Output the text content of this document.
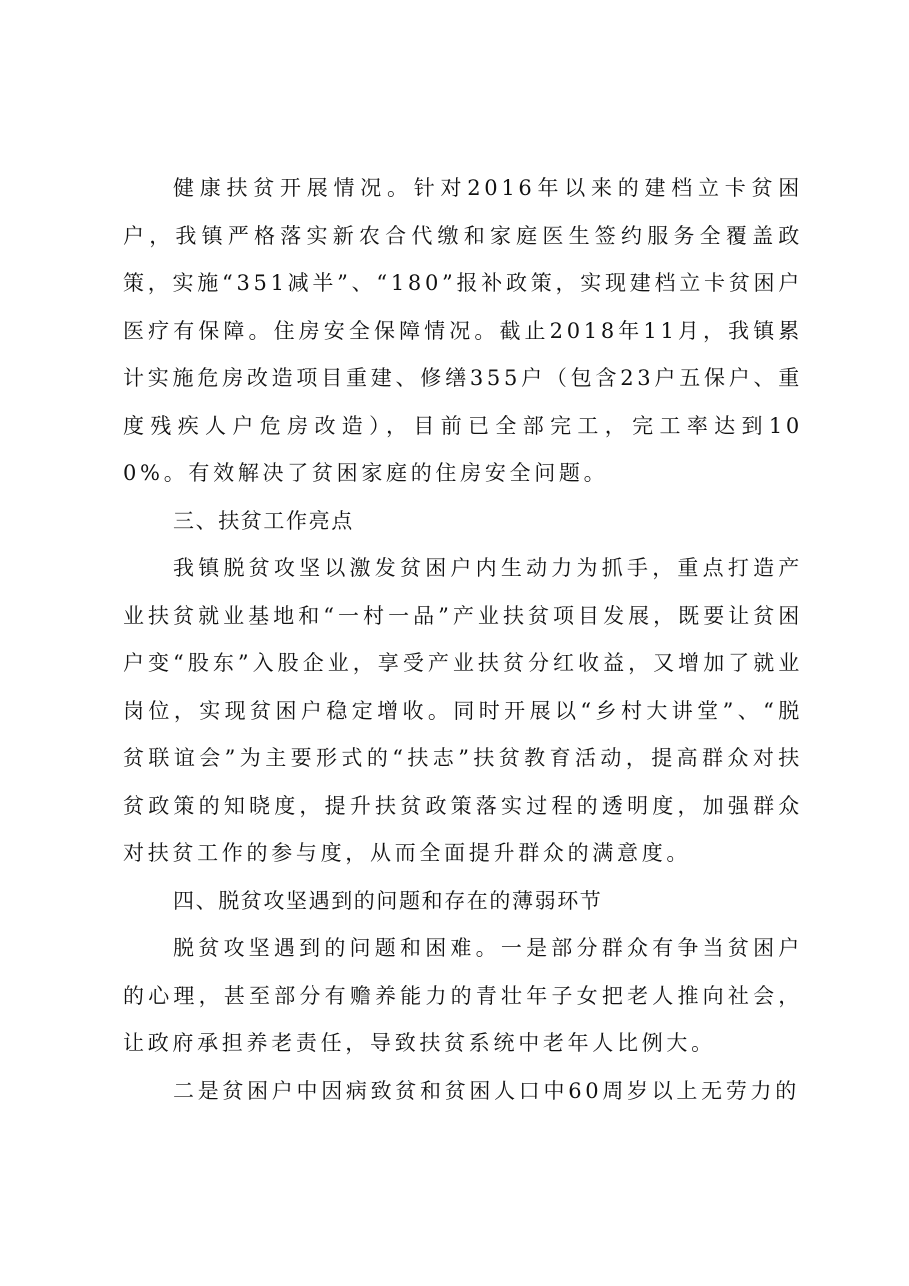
健康扶贫开展情况。针对2016年以来的建档立卡贫困户，我镇严格落实新农合代缴和家庭医生签约服务全覆盖政策，实施“351减半”、“180”报补政策，实现建档立卡贫困户医疗有保障。住房安全保障情况。截止2018年11月，我镇累计实施危房改造项目重建、修缮355户（包含23户五保户、重度残疾人户危房改造），目前已全部完工，完工率达到100%。有效解决了贫困家庭的住房安全问题。

三、扶贫工作亮点

我镇脱贫攻坚以激发贫困户内生动力为抓手，重点打造产业扶贫就业基地和“一村一品”产业扶贫项目发展，既要让贫困户变“股东”入股企业，享受产业扶贫分红收益，又增加了就业岗位，实现贫困户稳定增收。同时开展以“乡村大讲堂”、“脱贫联谊会”为主要形式的“扶志”扶贫教育活动，提高群众对扶贫政策的知晓度，提升扶贫政策落实过程的透明度，加强群众对扶贫工作的参与度，从而全面提升群众的满意度。

四、脱贫攻坚遇到的问题和存在的薄弱环节

脱贫攻坚遇到的问题和困难。一是部分群众有争当贫困户的心理，甚至部分有赡养能力的青壮年子女把老人推向社会，让政府承担养老责任，导致扶贫系统中老年人比例大。

二是贫困户中因病致贫和贫困人口中60周岁以上无劳力的
